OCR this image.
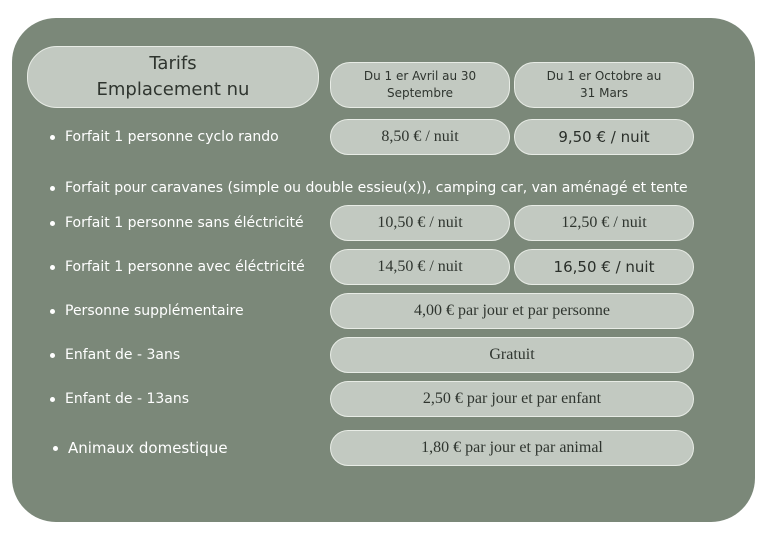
Tarifs
Emplacement nu
Du 1 er Avril au 30
Septembre
Du 1 er Octobre au
31 Mars
Forfait 1 personne cyclo rando	8,50 € / nuit	9,50 € / nuit
Forfait pour caravanes (simple ou double essieu(x)), camping car, van aménagé et tente
Forfait 1 personne sans éléctricité	10,50 € / nuit	12,50 € / nuit
Forfait 1 personne avec éléctricité	14,50 € / nuit	16,50 € / nuit
Personne supplémentaire	4,00 € par jour et par personne
Enfant de - 3ans	Gratuit
Enfant de - 13ans	2,50 € par jour et par enfant
Animaux domestique	1,80 € par jour et par animal
